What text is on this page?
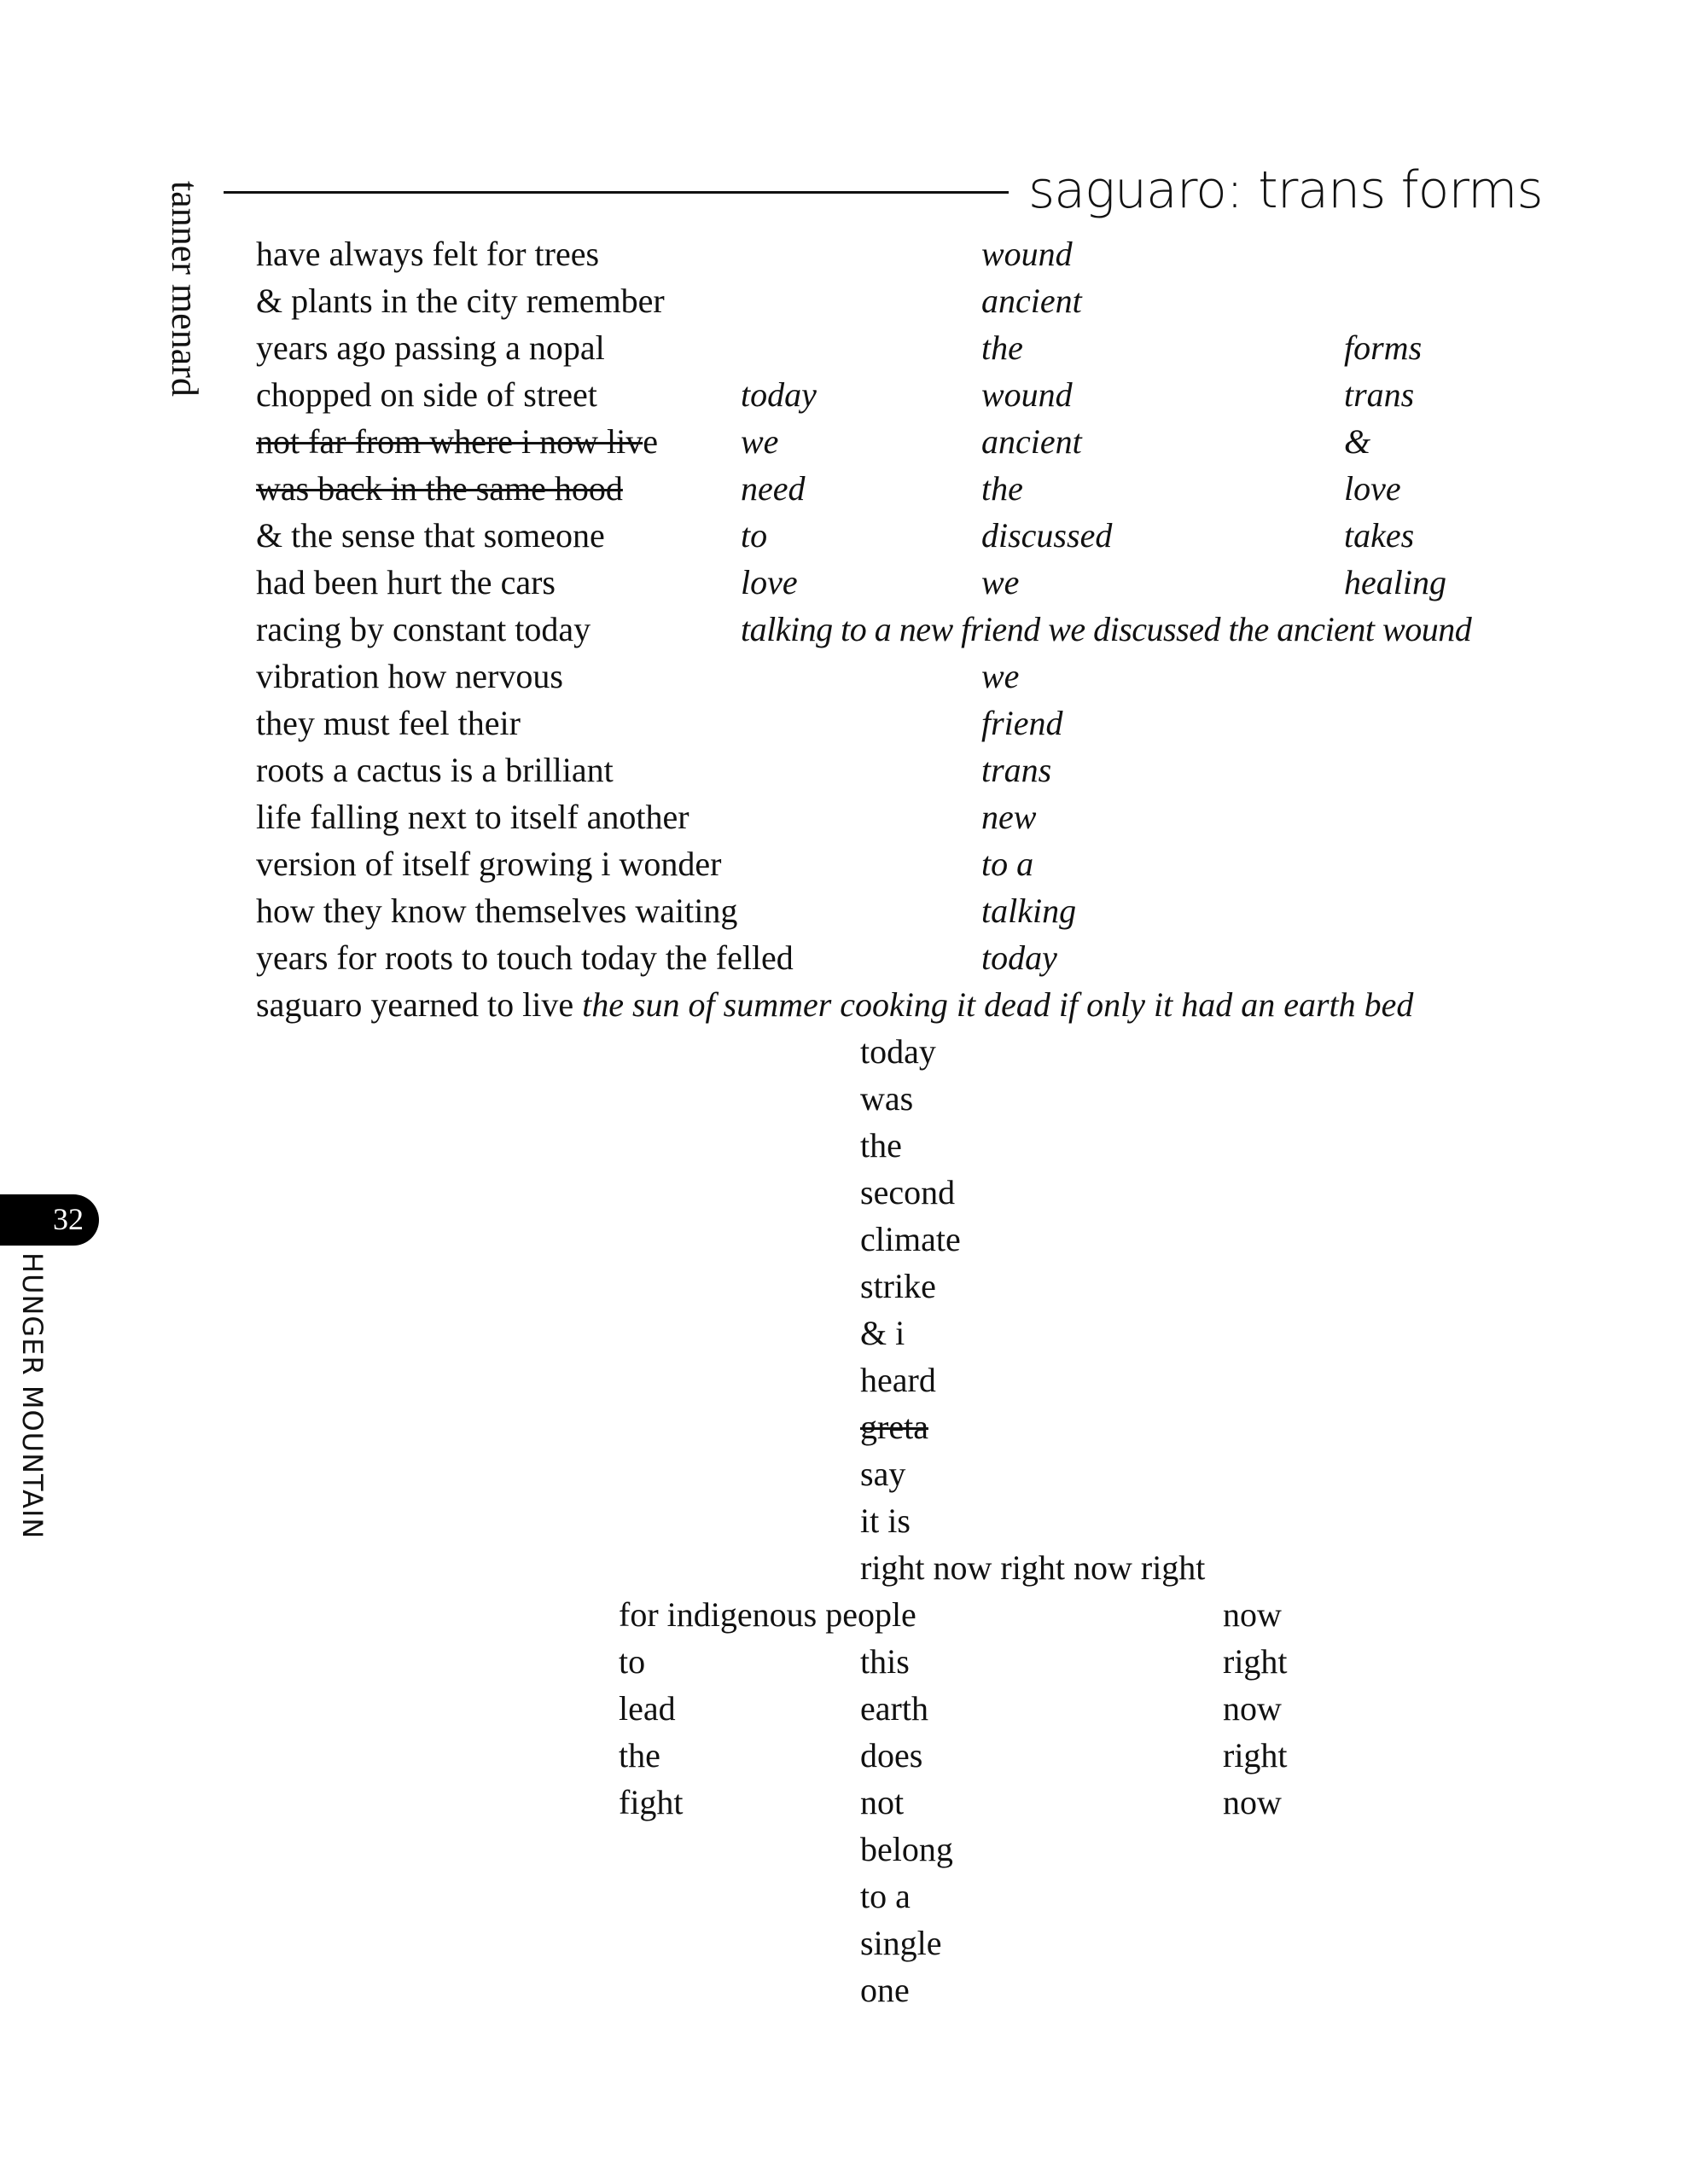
saguaro: trans forms
tanner menard
32
HUNGER MOUNTAIN
have always felt for trees
& plants in the city remember
years ago passing a nopal
chopped on side of street
not far from where i now live
was back in the same hood
& the sense that someone
had been hurt the cars
racing by constant today
vibration how nervous
they must feel their
roots a cactus is a brilliant
life falling next to itself another
version of itself growing i wonder
how they know themselves waiting
years for roots to touch today the felled
saguaro yearned to live the sun of summer cooking it dead if only it had an earth bed
today
we
need
to
love
wound
ancient
the
wound
ancient
the
discussed
we
forms
trans
&
love
takes
healing
talking to a new friend we discussed the ancient wound
we
friend
trans
new
to a
talking
today
today
was
the
second
climate
strike
& i
heard
greta
say
it is
right now right now right
for indigenous people
to
lead
the
fight
this
earth
does
not
belong
to a
single
one
now
right
now
right
now
